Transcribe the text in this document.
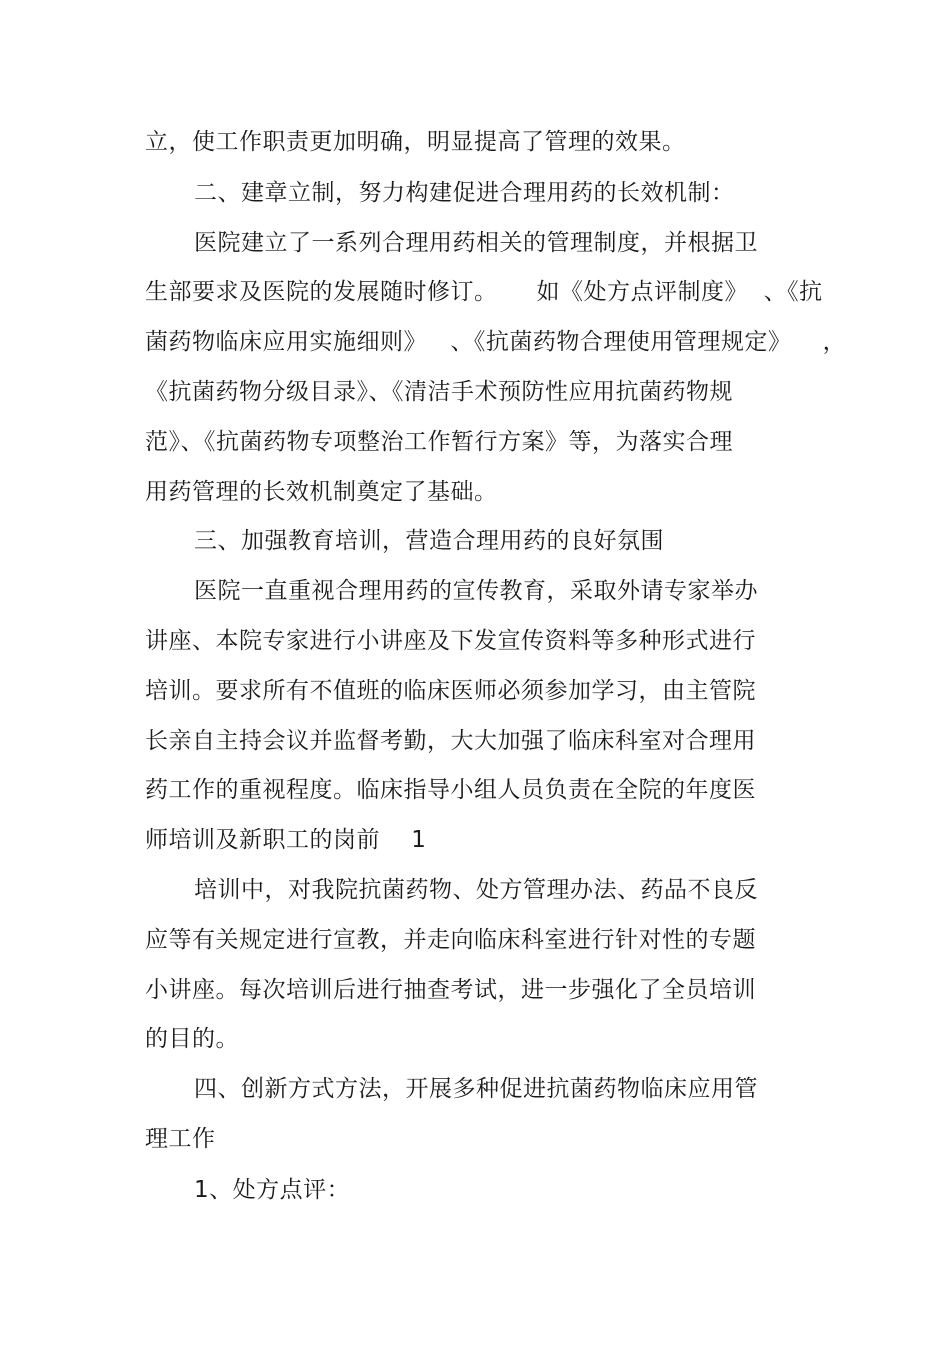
立，使工作职责更加明确，明显提高了管理的效果。
二、建章立制，努力构建促进合理用药的长效机制：
医院建立了一系列合理用药相关的管理制度，并根据卫
生部要求及医院的发展随时修订。     如《处方点评制度》  、《抗
菌药物临床应用实施细则》   、《抗菌药物合理使用管理规定》    ，
《抗菌药物分级目录》、《清洁手术预防性应用抗菌药物规
范》、《抗菌药物专项整治工作暂行方案》等，为落实合理
用药管理的长效机制奠定了基础。
三、加强教育培训，营造合理用药的良好氛围
医院一直重视合理用药的宣传教育，采取外请专家举办
讲座、本院专家进行小讲座及下发宣传资料等多种形式进行
培训。要求所有不值班的临床医师必须参加学习，由主管院
长亲自主持会议并监督考勤，大大加强了临床科室对合理用
药工作的重视程度。临床指导小组人员负责在全院的年度医
师培训及新职工的岗前    1
培训中，对我院抗菌药物、处方管理办法、药品不良反
应等有关规定进行宣教，并走向临床科室进行针对性的专题
小讲座。每次培训后进行抽查考试，进一步强化了全员培训
的目的。
四、创新方式方法，开展多种促进抗菌药物临床应用管
理工作
1、处方点评：
